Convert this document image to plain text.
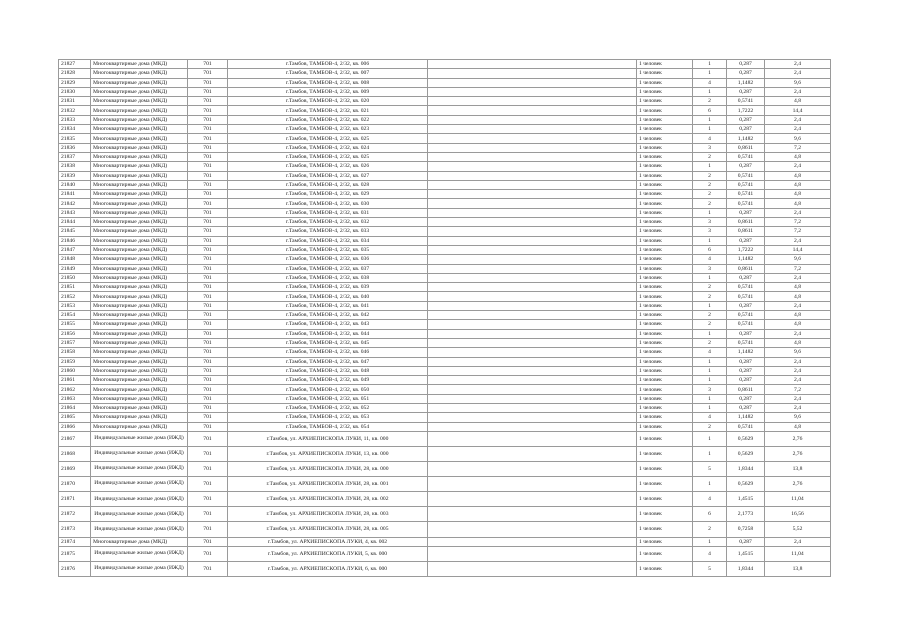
21827	Многоквартирные дома (МКД)	701	г.Тамбов, ТАМБОВ-4, 2/32, кв. 006		1 человек	1	0,287	2,4
21828	Многоквартирные дома (МКД)	701	г.Тамбов, ТАМБОВ-4, 2/32, кв. 007		1 человек	1	0,287	2,4
21829	Многоквартирные дома (МКД)	701	г.Тамбов, ТАМБОВ-4, 2/32, кв. 008		1 человек	4	1,1482	9,6
21830	Многоквартирные дома (МКД)	701	г.Тамбов, ТАМБОВ-4, 2/32, кв. 009		1 человек	1	0,287	2,4
21831	Многоквартирные дома (МКД)	701	г.Тамбов, ТАМБОВ-4, 2/32, кв. 020		1 человек	2	0,5741	4,8
21832	Многоквартирные дома (МКД)	701	г.Тамбов, ТАМБОВ-4, 2/32, кв. 021		1 человек	6	1,7222	14,4
21833	Многоквартирные дома (МКД)	701	г.Тамбов, ТАМБОВ-4, 2/32, кв. 022		1 человек	1	0,287	2,4
21834	Многоквартирные дома (МКД)	701	г.Тамбов, ТАМБОВ-4, 2/32, кв. 023		1 человек	1	0,287	2,4
21835	Многоквартирные дома (МКД)	701	г.Тамбов, ТАМБОВ-4, 2/32, кв. 025		1 человек	4	1,1482	9,6
21836	Многоквартирные дома (МКД)	701	г.Тамбов, ТАМБОВ-4, 2/32, кв. 024		1 человек	3	0,8611	7,2
21837	Многоквартирные дома (МКД)	701	г.Тамбов, ТАМБОВ-4, 2/32, кв. 025		1 человек	2	0,5741	4,8
21838	Многоквартирные дома (МКД)	701	г.Тамбов, ТАМБОВ-4, 2/32, кв. 026		1 человек	1	0,287	2,4
21839	Многоквартирные дома (МКД)	701	г.Тамбов, ТАМБОВ-4, 2/32, кв. 027		1 человек	2	0,5741	4,8
21840	Многоквартирные дома (МКД)	701	г.Тамбов, ТАМБОВ-4, 2/32, кв. 028		1 человек	2	0,5741	4,8
21841	Многоквартирные дома (МКД)	701	г.Тамбов, ТАМБОВ-4, 2/32, кв. 029		1 человек	2	0,5741	4,8
21842	Многоквартирные дома (МКД)	701	г.Тамбов, ТАМБОВ-4, 2/32, кв. 030		1 человек	2	0,5741	4,8
21843	Многоквартирные дома (МКД)	701	г.Тамбов, ТАМБОВ-4, 2/32, кв. 031		1 человек	1	0,287	2,4
21844	Многоквартирные дома (МКД)	701	г.Тамбов, ТАМБОВ-4, 2/32, кв. 032		1 человек	3	0,8611	7,2
21845	Многоквартирные дома (МКД)	701	г.Тамбов, ТАМБОВ-4, 2/32, кв. 033		1 человек	3	0,8611	7,2
21846	Многоквартирные дома (МКД)	701	г.Тамбов, ТАМБОВ-4, 2/32, кв. 034		1 человек	1	0,287	2,4
21847	Многоквартирные дома (МКД)	701	г.Тамбов, ТАМБОВ-4, 2/32, кв. 035		1 человек	6	1,7222	14,4
21848	Многоквартирные дома (МКД)	701	г.Тамбов, ТАМБОВ-4, 2/32, кв. 036		1 человек	4	1,1482	9,6
21849	Многоквартирные дома (МКД)	701	г.Тамбов, ТАМБОВ-4, 2/32, кв. 037		1 человек	3	0,8611	7,2
21850	Многоквартирные дома (МКД)	701	г.Тамбов, ТАМБОВ-4, 2/32, кв. 038		1 человек	1	0,287	2,4
21851	Многоквартирные дома (МКД)	701	г.Тамбов, ТАМБОВ-4, 2/32, кв. 039		1 человек	2	0,5741	4,8
21852	Многоквартирные дома (МКД)	701	г.Тамбов, ТАМБОВ-4, 2/32, кв. 040		1 человек	2	0,5741	4,8
21853	Многоквартирные дома (МКД)	701	г.Тамбов, ТАМБОВ-4, 2/32, кв. 041		1 человек	1	0,287	2,4
21854	Многоквартирные дома (МКД)	701	г.Тамбов, ТАМБОВ-4, 2/32, кв. 042		1 человек	2	0,5741	4,8
21855	Многоквартирные дома (МКД)	701	г.Тамбов, ТАМБОВ-4, 2/32, кв. 043		1 человек	2	0,5741	4,8
21856	Многоквартирные дома (МКД)	701	г.Тамбов, ТАМБОВ-4, 2/32, кв. 044		1 человек	1	0,287	2,4
21857	Многоквартирные дома (МКД)	701	г.Тамбов, ТАМБОВ-4, 2/32, кв. 045		1 человек	2	0,5741	4,8
21858	Многоквартирные дома (МКД)	701	г.Тамбов, ТАМБОВ-4, 2/32, кв. 046		1 человек	4	1,1482	9,6
21859	Многоквартирные дома (МКД)	701	г.Тамбов, ТАМБОВ-4, 2/32, кв. 047		1 человек	1	0,287	2,4
21860	Многоквартирные дома (МКД)	701	г.Тамбов, ТАМБОВ-4, 2/32, кв. 048		1 человек	1	0,287	2,4
21861	Многоквартирные дома (МКД)	701	г.Тамбов, ТАМБОВ-4, 2/32, кв. 049		1 человек	1	0,287	2,4
21862	Многоквартирные дома (МКД)	701	г.Тамбов, ТАМБОВ-4, 2/32, кв. 050		1 человек	3	0,8611	7,2
21863	Многоквартирные дома (МКД)	701	г.Тамбов, ТАМБОВ-4, 2/32, кв. 051		1 человек	1	0,287	2,4
21864	Многоквартирные дома (МКД)	701	г.Тамбов, ТАМБОВ-4, 2/32, кв. 052		1 человек	1	0,287	2,4
21865	Многоквартирные дома (МКД)	701	г.Тамбов, ТАМБОВ-4, 2/32, кв. 053		1 человек	4	1,1482	9,6
21866	Многоквартирные дома (МКД)	701	г.Тамбов, ТАМБОВ-4, 2/32, кв. 054		1 человек	2	0,5741	4,8
21867	Индивидуальные жилые дома (ИЖД)	701	г.Тамбов, ул. АРХИЕПИСКОПА ЛУКИ, 11, кв. 000		1 человек	1	0,5629	2,76
21868	Индивидуальные жилые дома (ИЖД)	701	г.Тамбов, ул. АРХИЕПИСКОПА ЛУКИ, 13, кв. 000		1 человек	1	0,5629	2,76
21869	Индивидуальные жилые дома (ИЖД)	701	г.Тамбов, ул. АРХИЕПИСКОПА ЛУКИ, 28, кв. 000		1 человек	5	1,8344	13,8
21870	Индивидуальные жилые дома (ИЖД)	701	г.Тамбов, ул. АРХИЕПИСКОПА ЛУКИ, 28, кв. 001		1 человек	1	0,5629	2,76
21871	Индивидуальные жилые дома (ИЖД)	701	г.Тамбов, ул. АРХИЕПИСКОПА ЛУКИ, 28, кв. 002		1 человек	4	1,4515	11,04
21872	Индивидуальные жилые дома (ИЖД)	701	г.Тамбов, ул. АРХИЕПИСКОПА ЛУКИ, 28, кв. 003		1 человек	6	2,1773	16,56
21873	Индивидуальные жилые дома (ИЖД)	701	г.Тамбов, ул. АРХИЕПИСКОПА ЛУКИ, 28, кв. 005		1 человек	2	0,7258	5,52
21874	Многоквартирные дома (МКД)	701	г.Тамбов, ул. АРХИЕПИСКОПА ЛУКИ, 4, кв. 002		1 человек	1	0,287	2,4
21875	Индивидуальные жилые дома (ИЖД)	701	г.Тамбов, ул. АРХИЕПИСКОПА ЛУКИ, 5, кв. 000		1 человек	4	1,4515	11,04
21876	Индивидуальные жилые дома (ИЖД)	701	г.Тамбов, ул. АРХИЕПИСКОПА ЛУКИ, 6, кв. 000		1 человек	5	1,8344	13,8
